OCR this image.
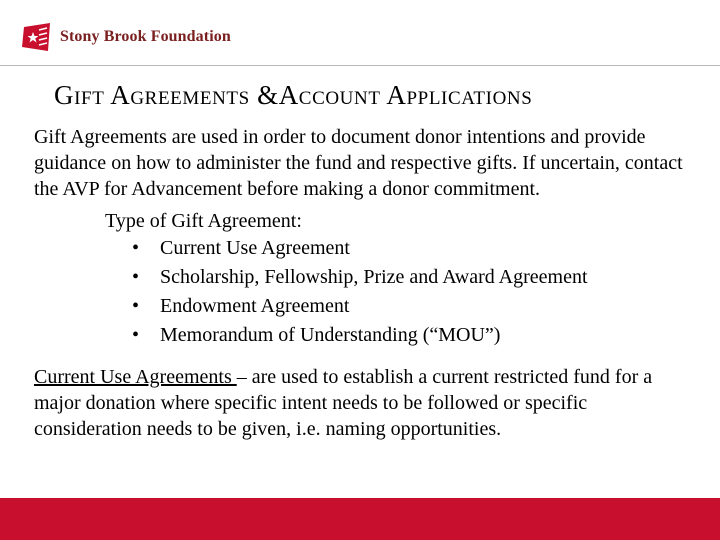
Stony Brook Foundation
Gift Agreements &Account Applications

Gift Agreements are used in order to document donor intentions and provide guidance on how to administer the fund and respective gifts. If uncertain, contact the AVP for Advancement before making a donor commitment.

Type of Gift Agreement:
• Current Use Agreement
• Scholarship, Fellowship, Prize and Award Agreement
• Endowment Agreement
• Memorandum of Understanding (“MOU”)

Current Use Agreements – are used to establish a current restricted fund for a major donation where specific intent needs to be followed or specific consideration needs to be given, i.e. naming opportunities.
